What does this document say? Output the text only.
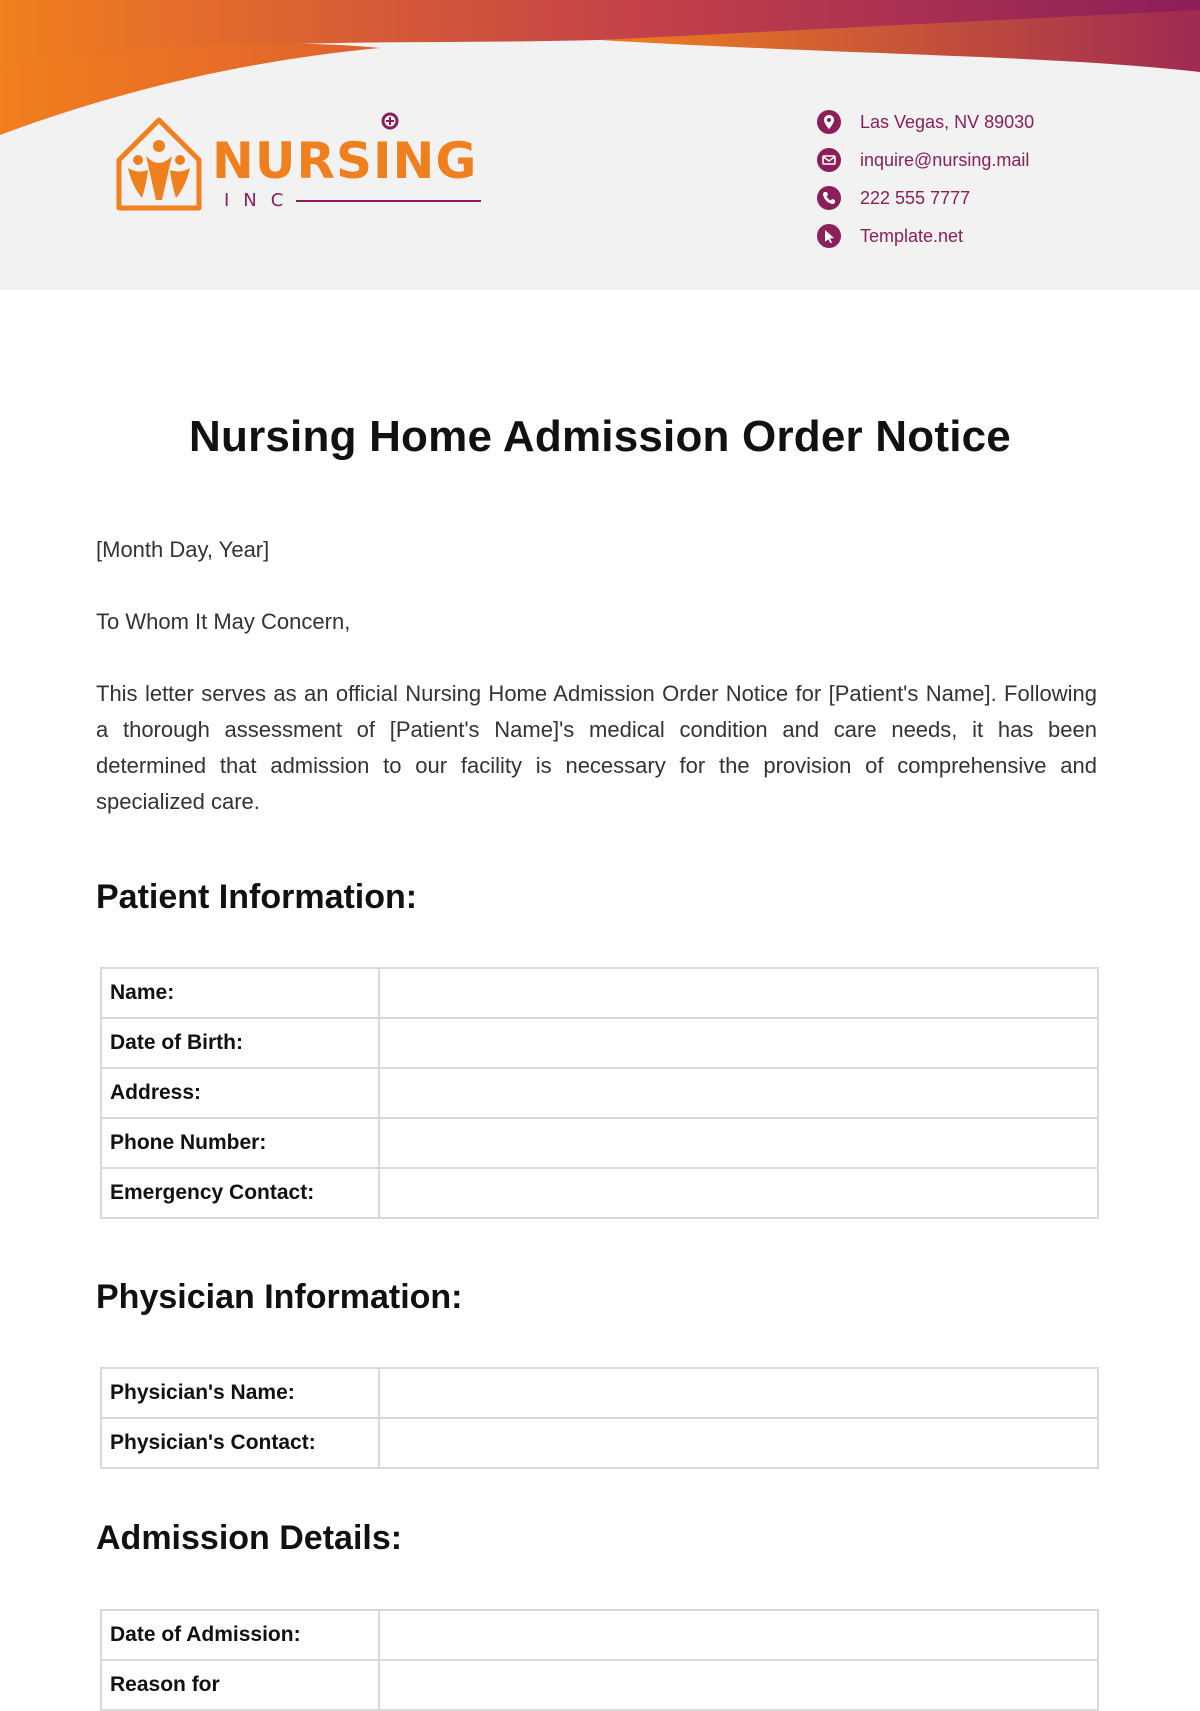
NURSING
INC
Las Vegas, NV 89030
inquire@nursing.mail
222 555 7777
Template.net
Nursing Home Admission Order Notice
[Month Day, Year]
To Whom It May Concern,
This letter serves as an official Nursing Home Admission Order Notice for [Patient's Name]. Following a thorough assessment of [Patient's Name]'s medical condition and care needs, it has been determined that admission to our facility is necessary for the provision of comprehensive and specialized care.
Patient Information:
Name:	
Date of Birth:	
Address:	
Phone Number:	
Emergency Contact:	
Physician Information:
Physician's Name:	
Physician's Contact:	
Admission Details:
Date of Admission:	
Reason for	
